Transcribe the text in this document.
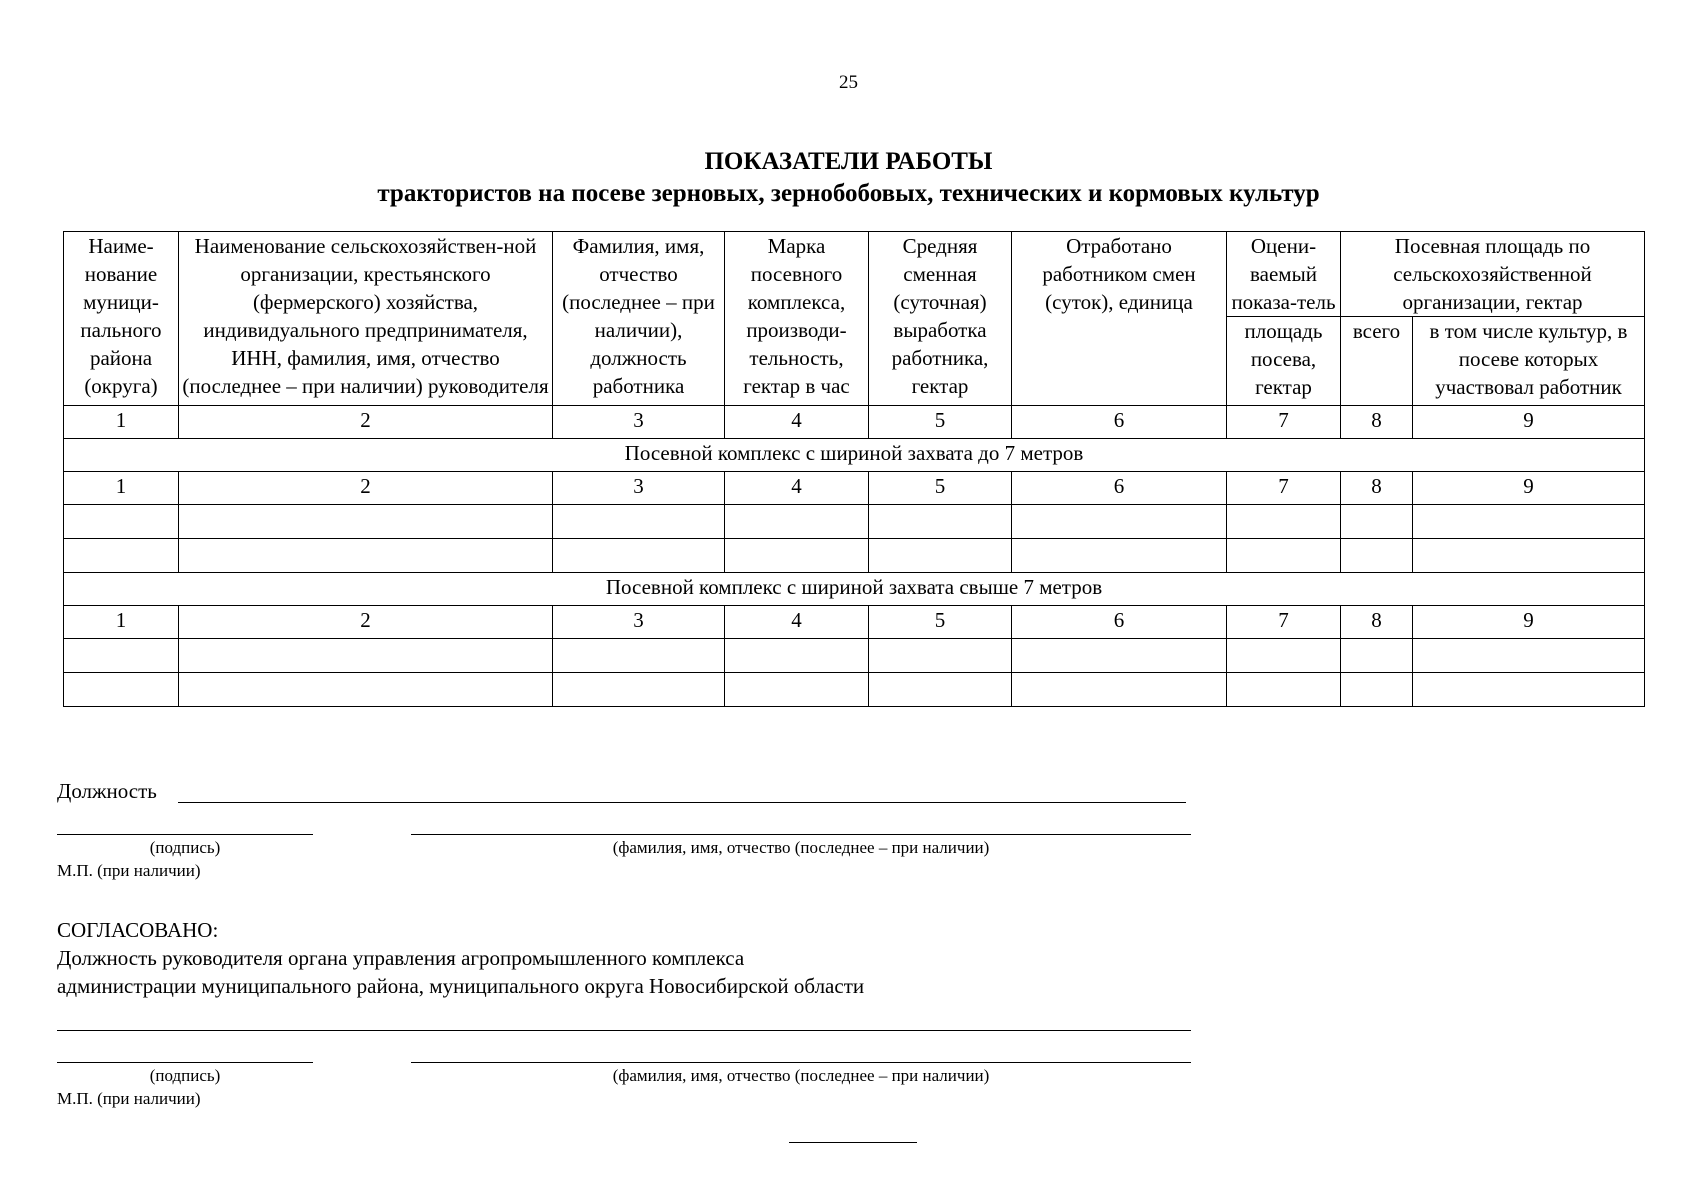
25
ПОКАЗАТЕЛИ РАБОТЫ
трактористов на посеве зерновых, зернобобовых, технических и кормовых культур
Наиме-нование муници-пального района (округа)	Наименование сельскохозяйствен-ной организации, крестьянского (фермерского) хозяйства, индивидуального предпринимателя, ИНН, фамилия, имя, отчество (последнее – при наличии) руководителя	Фамилия, имя, отчество (последнее – при наличии), должность работника	Марка посевного комплекса, производи-тельность, гектар в час	Средняя сменная (суточная) выработка работника, гектар	Отработано работником смен (суток), единица	Оцени-ваемый показа-тель	Посевная площадь по сельскохозяйственной организации, гектар	
						площадь посева, гектар	всего	в том числе культур, в посеве которых участвовал работник
1	2	3	4	5	6	7	8	9
Посевной комплекс с шириной захвата до 7 метров								
1	2	3	4	5	6	7	8	9

Посевной комплекс с шириной захвата свыше 7 метров								
1	2	3	4	5	6	7	8	9

Должность
(подпись)	(фамилия, имя, отчество (последнее – при наличии)
М.П. (при наличии)
СОГЛАСОВАНО:
Должность руководителя органа управления агропромышленного комплекса
администрации муниципального района, муниципального округа Новосибирской области
(подпись)	(фамилия, имя, отчество (последнее – при наличии)
М.П. (при наличии)
